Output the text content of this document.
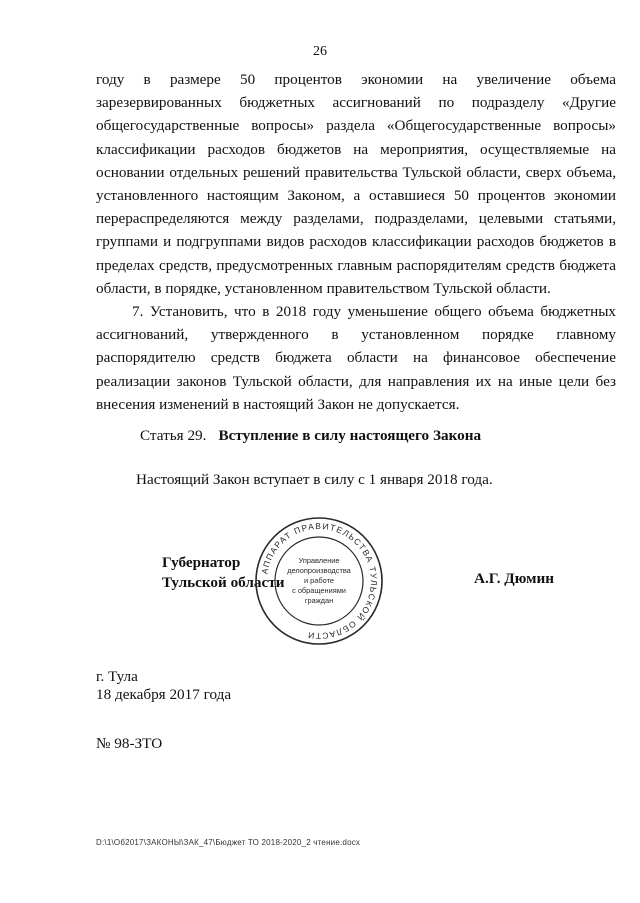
26

году в размере 50 процентов экономии на увеличение объема зарезервированных бюджетных ассигнований по подразделу «Другие общегосударственные вопросы» раздела «Общегосударственные вопросы» классификации расходов бюджетов на мероприятия, осуществляемые на основании отдельных решений правительства Тульской области, сверх объема, установленного настоящим Законом, а оставшиеся 50 процентов экономии перераспределяются между разделами, подразделами, целевыми статьями, группами и подгруппами видов расходов классификации расходов бюджетов в пределах средств, предусмотренных главным распорядителям средств бюджета области, в порядке, установленном правительством Тульской области.

7. Установить, что в 2018 году уменьшение общего объема бюджетных ассигнований, утвержденного в установленном порядке главному распорядителю средств бюджета области на финансовое обеспечение реализации законов Тульской области, для направления их на иные цели без внесения изменений в настоящий Закон не допускается.

Статья 29. Вступление в силу настоящего Закона
Настоящий Закон вступает в силу с 1 января 2018 года.
Губернатор
Тульской области
АППАРАТ ПРАВИТЕЛЬСТВА ТУЛЬСКОЙ ОБЛАСТИ
Управление
делопроизводства
и работе
с обращениями
граждан
А.Г. Дюмин
г. Тула
18 декабря 2017 года
№ 98-ЗТО
D:\1\Об2017\ЗАКОНЫ\ЗАК_47\Бюджет ТО 2018-2020_2 чтение.docx
